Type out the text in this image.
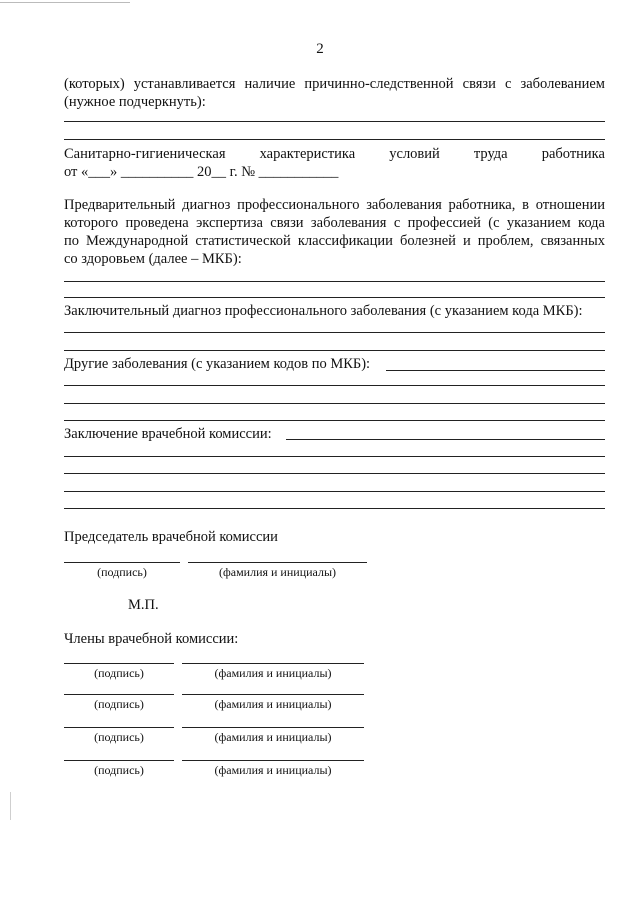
2
(которых) устанавливается наличие причинно-следственной связи с заболеванием
(нужное подчеркнуть):
Санитарно-гигиеническая характеристика условий труда работника
от «___» __________ 20__ г. № ___________
Предварительный диагноз профессионального заболевания работника, в отношении
которого проведена экспертиза связи заболевания с профессией (с указанием кода
по Международной статистической классификации болезней и проблем, связанных
со здоровьем (далее – МКБ):
Заключительный диагноз профессионального заболевания (с указанием кода МКБ):
Другие заболевания (с указанием кодов по МКБ):
Заключение врачебной комиссии:
Председатель врачебной комиссии
(подпись)	(фамилия и инициалы)
М.П.
Члены врачебной комиссии:
(подпись)	(фамилия и инициалы)
(подпись)	(фамилия и инициалы)
(подпись)	(фамилия и инициалы)
(подпись)	(фамилия и инициалы)
